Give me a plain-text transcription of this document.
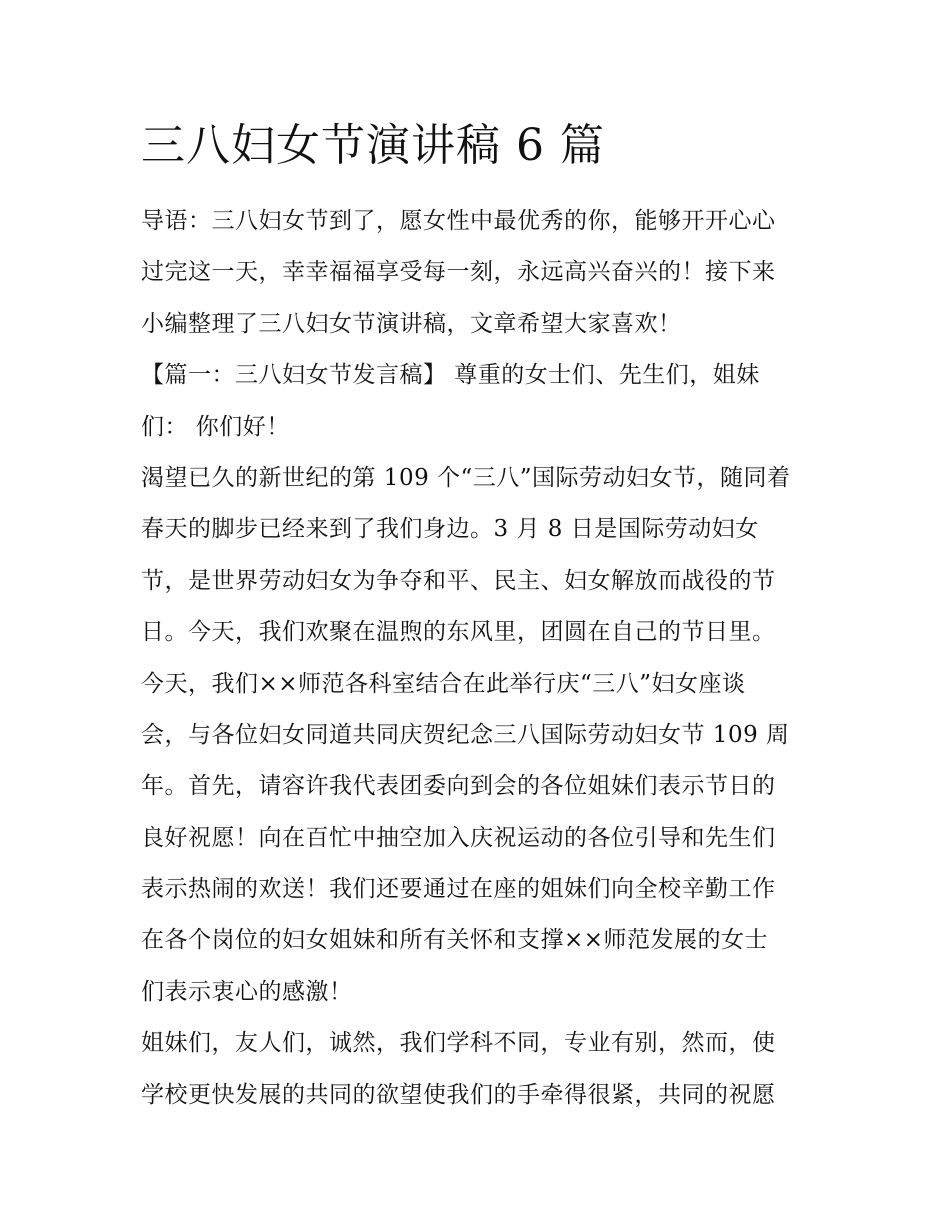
三八妇女节演讲稿 6 篇
导语：三八妇女节到了，愿女性中最优秀的你，能够开开心心
过完这一天，幸幸福福享受每一刻，永远高兴奋兴的！接下来
小编整理了三八妇女节演讲稿，文章希望大家喜欢！
【篇一：三八妇女节发言稿】 尊重的女士们、先生们，姐妹
们： 你们好！
渴望已久的新世纪的第 109 个“三八”国际劳动妇女节，随同着
春天的脚步已经来到了我们身边。3 月 8 日是国际劳动妇女
节，是世界劳动妇女为争夺和平、民主、妇女解放而战役的节
日。今天，我们欢聚在温煦的东风里，团圆在自己的节日里。
今天，我们××师范各科室结合在此举行庆“三八”妇女座谈
会，与各位妇女同道共同庆贺纪念三八国际劳动妇女节 109 周
年。首先，请容许我代表团委向到会的各位姐妹们表示节日的
良好祝愿！向在百忙中抽空加入庆祝运动的各位引导和先生们
表示热闹的欢送！我们还要通过在座的姐妹们向全校辛勤工作
在各个岗位的妇女姐妹和所有关怀和支撑××师范发展的女士
们表示衷心的感激！
姐妹们，友人们，诚然，我们学科不同，专业有别，然而，使
学校更快发展的共同的欲望使我们的手牵得很紧，共同的祝愿
